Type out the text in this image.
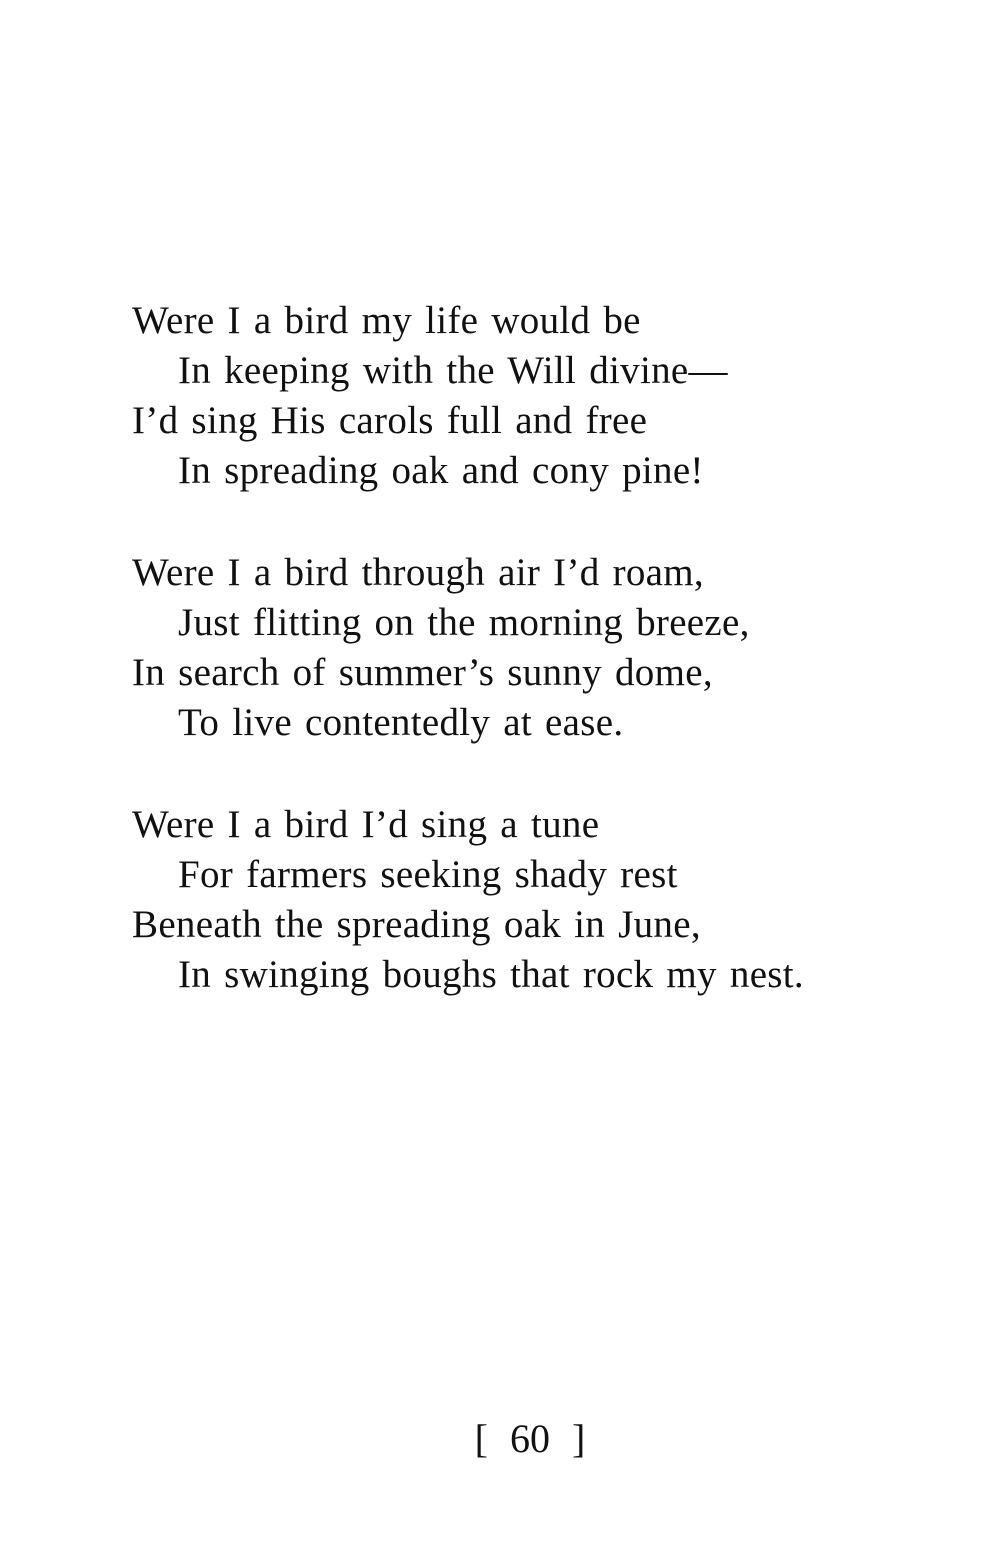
Were I a bird my life would be
In keeping with the Will divine—
I’d sing His carols full and free
In spreading oak and cony pine!
Were I a bird through air I’d roam,
Just flitting on the morning breeze,
In search of summer’s sunny dome,
To live contentedly at ease.
Were I a bird I’d sing a tune
For farmers seeking shady rest
Beneath the spreading oak in June,
In swinging boughs that rock my nest.
[ 60 ]
